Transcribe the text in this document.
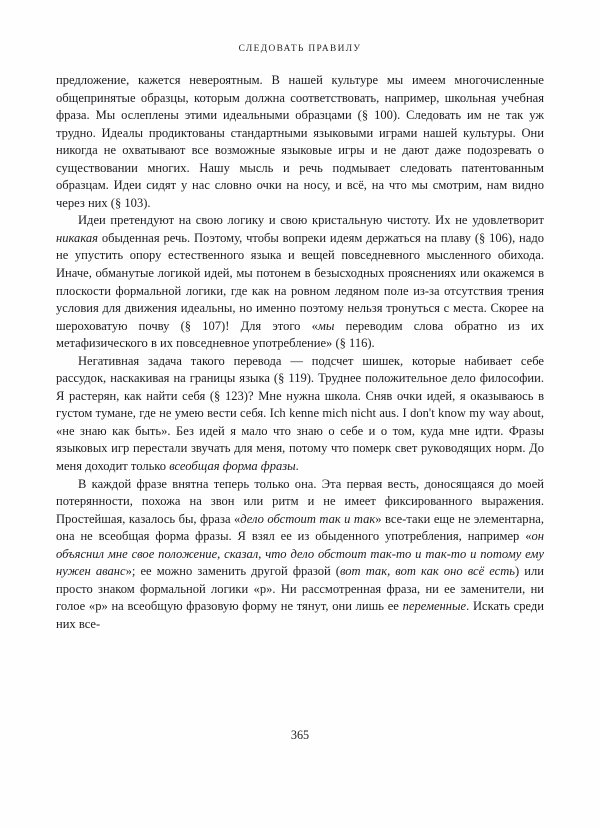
СЛЕДОВАТЬ ПРАВИЛУ

предложение, кажется невероятным. В нашей культуре мы имеем многочисленные общепринятые образцы, которым должна соответствовать, например, школьная учебная фраза. Мы ослеплены этими идеальными образцами (§ 100). Следовать им не так уж трудно. Идеалы продиктованы стандартными языковыми играми нашей культуры. Они никогда не охватывают все возможные языковые игры и не дают даже подозревать о существовании многих. Нашу мысль и речь подмывает следовать патентованным образцам. Идеи сидят у нас словно очки на носу, и всё, на что мы смотрим, нам видно через них (§ 103).

Идеи претендуют на свою логику и свою кристальную чистоту. Их не удовлетворит никакая обыденная речь. Поэтому, чтобы вопреки идеям держаться на плаву (§ 106), надо не упустить опору естественного языка и вещей повседневного мысленного обихода. Иначе, обманутые логикой идей, мы потонем в безысходных прояснениях или окажемся в плоскости формальной логики, где как на ровном ледяном поле из-за отсутствия трения условия для движения идеальны, но именно поэтому нельзя тронуться с места. Скорее на шероховатую почву (§ 107)! Для этого «мы переводим слова обратно из их метафизического в их повседневное употребление» (§ 116).

Негативная задача такого перевода — подсчет шишек, которые набивает себе рассудок, наскакивая на границы языка (§ 119). Труднее положительное дело философии. Я растерян, как найти себя (§ 123)? Мне нужна школа. Сняв очки идей, я оказываюсь в густом тумане, где не умею вести себя. Ich kenne mich nicht aus. I don't know my way about, «не знаю как быть». Без идей я мало что знаю о себе и о том, куда мне идти. Фразы языковых игр перестали звучать для меня, потому что померк свет руководящих норм. До меня доходит только всеобщая форма фразы.

В каждой фразе внятна теперь только она. Эта первая весть, доносящаяся до моей потерянности, похожа на звон или ритм и не имеет фиксированного выражения. Простейшая, казалось бы, фраза «дело обстоит так и так» все-таки еще не элементарна, она не всеобщая форма фразы. Я взял ее из обыденного употребления, например «он объяснил мне свое положение, сказал, что дело обстоит так-то и так-то и потому ему нужен аванс»; ее можно заменить другой фразой (вот так, вот как оно всё есть) или просто знаком формальной логики «p». Ни рассмотренная фраза, ни ее заменители, ни голое «p» на всеобщую фразовую форму не тянут, они лишь ее переменные. Искать среди них все-

365
